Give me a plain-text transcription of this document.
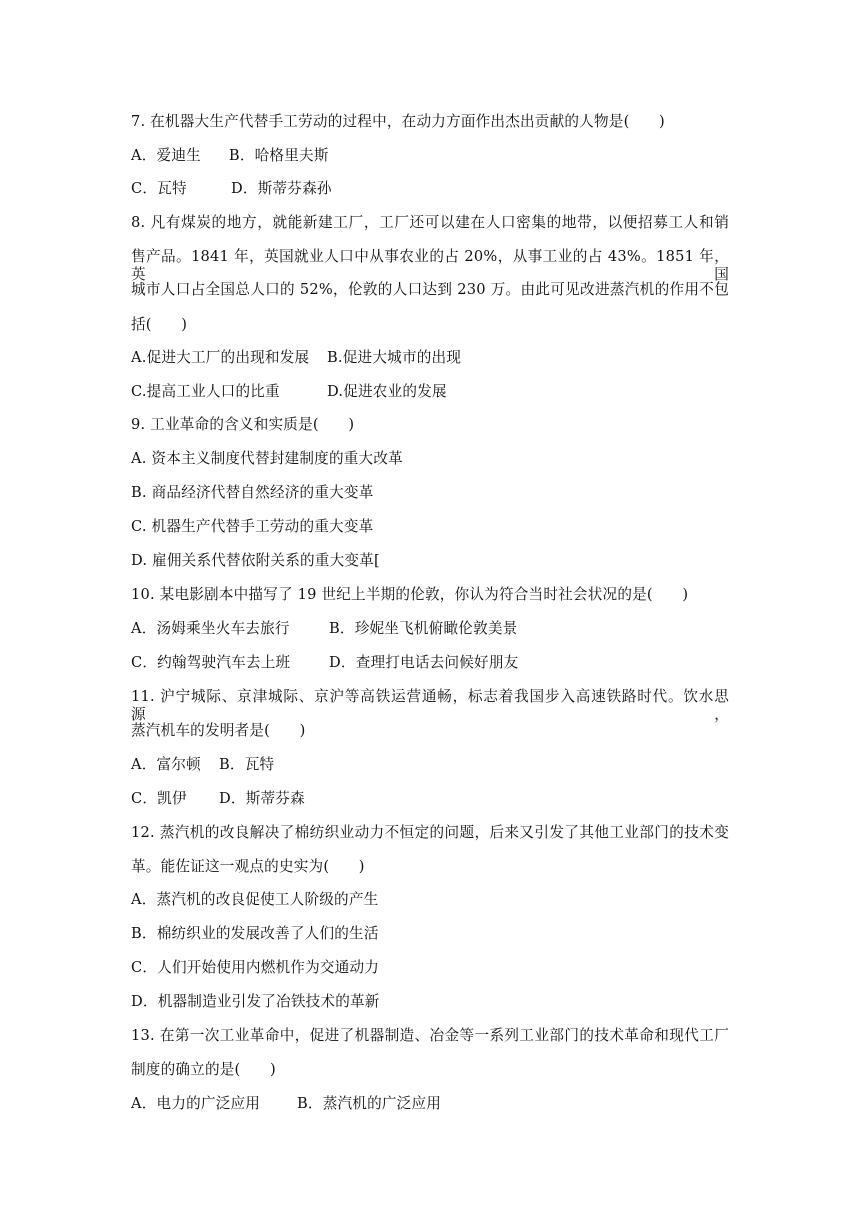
7. 在机器大生产代替手工劳动的过程中，在动力方面作出杰出贡献的人物是(　　)
A．爱迪生 B．哈格里夫斯
C．瓦特	D．斯蒂芬森孙
8. 凡有煤炭的地方，就能新建工厂，工厂还可以建在人口密集的地带，以便招募工人和销
售产品。1841 年，英国就业人口中从事农业的占 20%，从事工业的占 43%。1851 年，英国
城市人口占全国总人口的 52%，伦敦的人口达到 230 万。由此可见改进蒸汽机的作用不包
括(　　)
A.促进大工厂的出现和发展 B.促进大城市的出现
C.提高工业人口的比重	D.促进农业的发展
9. 工业革命的含义和实质是(　　)
A. 资本主义制度代替封建制度的重大改革
B. 商品经济代替自然经济的重大变革
C. 机器生产代替手工劳动的重大变革
D. 雇佣关系代替依附关系的重大变革[
10. 某电影剧本中描写了 19 世纪上半期的伦敦，你认为符合当时社会状况的是(　　)
A．汤姆乘坐火车去旅行	B．珍妮坐飞机俯瞰伦敦美景
C．约翰驾驶汽车去上班	D．查理打电话去问候好朋友
11. 沪宁城际、京津城际、京沪等高铁运营通畅，标志着我国步入高速铁路时代。饮水思源，
蒸汽机车的发明者是(　　)
A．富尔顿 B．瓦特
C．凯伊 D．斯蒂芬森
12. 蒸汽机的改良解决了棉纺织业动力不恒定的问题，后来又引发了其他工业部门的技术变
革。能佐证这一观点的史实为(　　)
A．蒸汽机的改良促使工人阶级的产生
B．棉纺织业的发展改善了人们的生活
C．人们开始使用内燃机作为交通动力
D．机器制造业引发了冶铁技术的革新
13. 在第一次工业革命中，促进了机器制造、冶金等一系列工业部门的技术革命和现代工厂
制度的确立的是(　　)
A．电力的广泛应用	B．蒸汽机的广泛应用
